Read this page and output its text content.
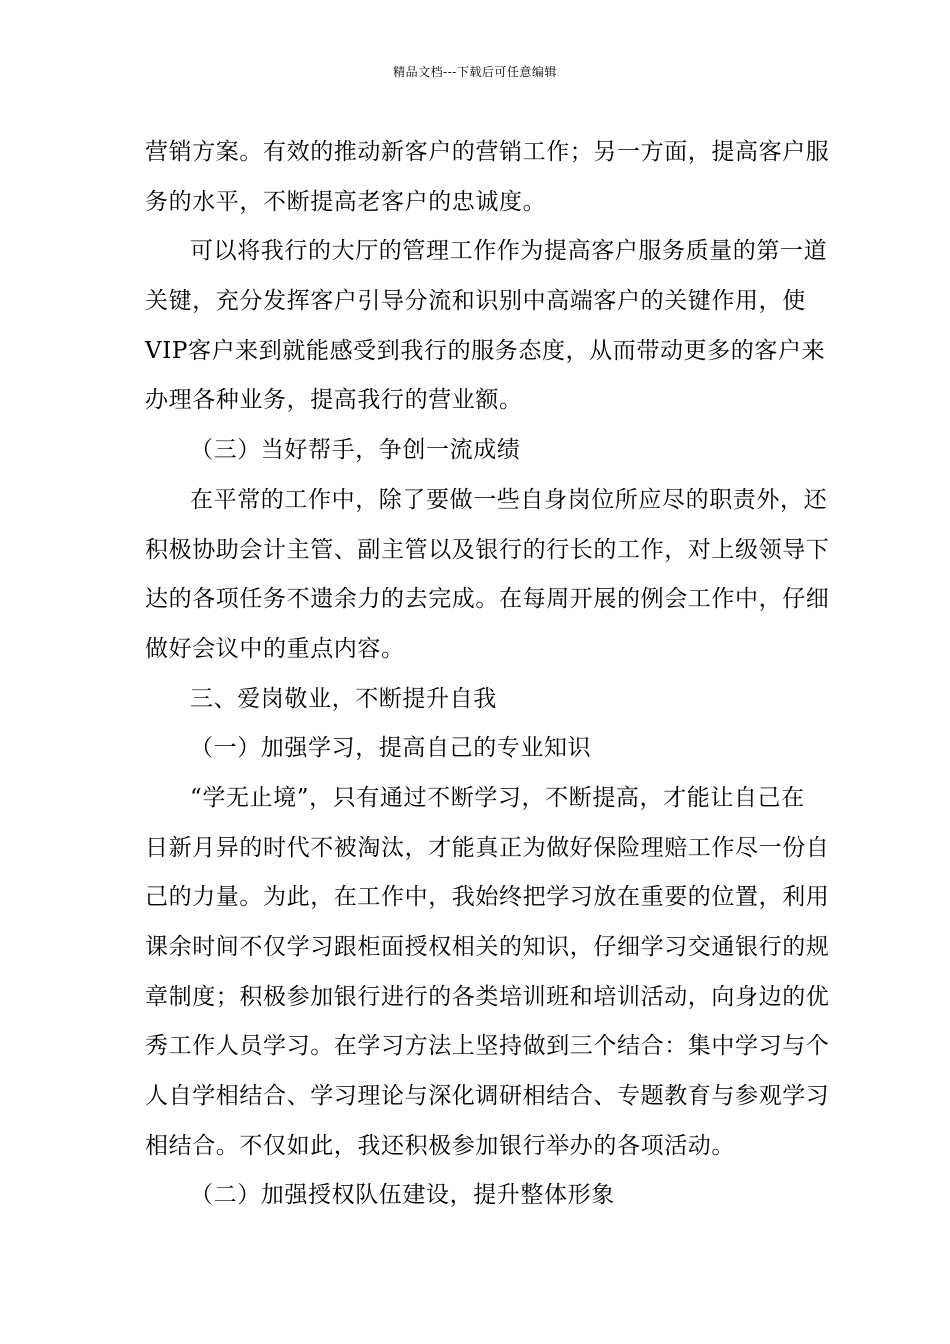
精品文档---下载后可任意编辑
营销方案。有效的推动新客户的营销工作；另一方面，提高客户服
务的水平，不断提高老客户的忠诚度。
可以将我行的大厅的管理工作作为提高客户服务质量的第一道
关键，充分发挥客户引导分流和识别中高端客户的关键作用，使
VIP客户来到就能感受到我行的服务态度，从而带动更多的客户来
办理各种业务，提高我行的营业额。
（三）当好帮手，争创一流成绩
在平常的工作中，除了要做一些自身岗位所应尽的职责外，还
积极协助会计主管、副主管以及银行的行长的工作，对上级领导下
达的各项任务不遗余力的去完成。在每周开展的例会工作中，仔细
做好会议中的重点内容。
三、爱岗敬业，不断提升自我
（一）加强学习，提高自己的专业知识
“学无止境”，只有通过不断学习，不断提高，才能让自己在
日新月异的时代不被淘汰，才能真正为做好保险理赔工作尽一份自
己的力量。为此，在工作中，我始终把学习放在重要的位置，利用
课余时间不仅学习跟柜面授权相关的知识，仔细学习交通银行的规
章制度；积极参加银行进行的各类培训班和培训活动，向身边的优
秀工作人员学习。在学习方法上坚持做到三个结合：集中学习与个
人自学相结合、学习理论与深化调研相结合、专题教育与参观学习
相结合。不仅如此，我还积极参加银行举办的各项活动。
（二）加强授权队伍建设，提升整体形象
